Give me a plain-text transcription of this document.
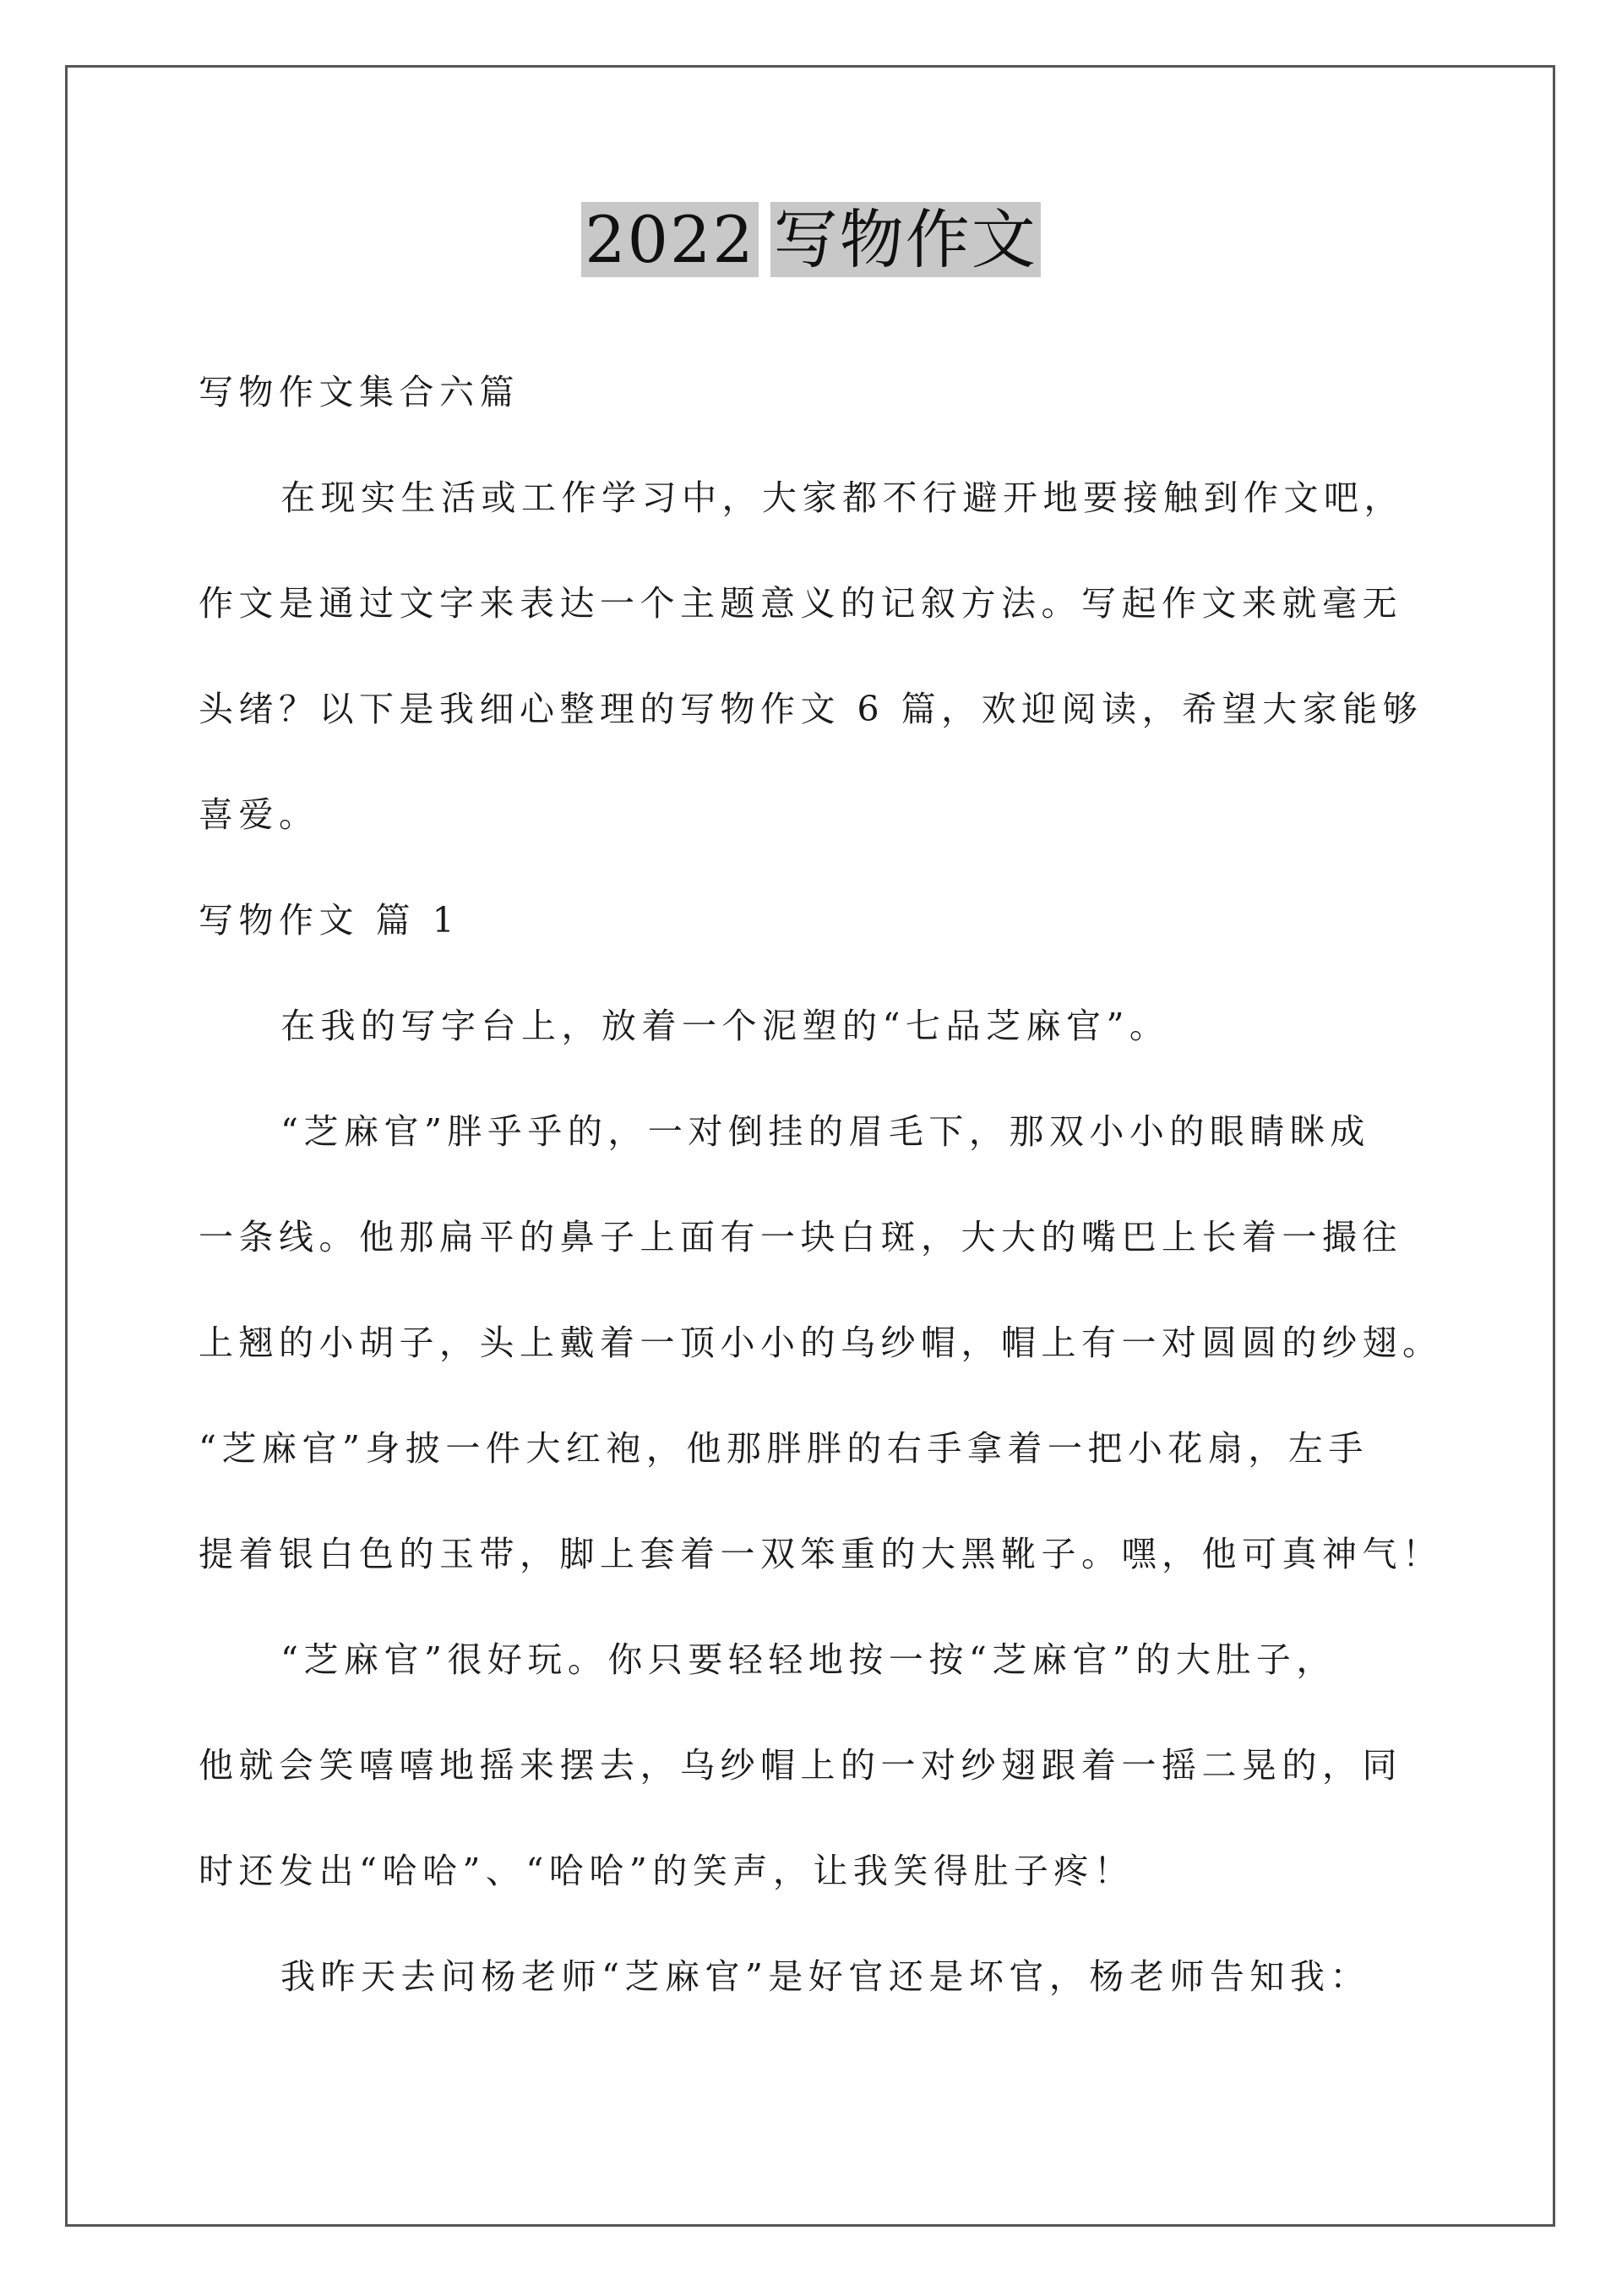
2022 写物作文
写物作文集合六篇
在现实生活或工作学习中，大家都不行避开地要接触到作文吧，
作文是通过文字来表达一个主题意义的记叙方法。写起作文来就毫无
头绪？以下是我细心整理的写物作文 6 篇，欢迎阅读，希望大家能够
喜爱。
写物作文 篇 1
在我的写字台上，放着一个泥塑的“七品芝麻官”。
“芝麻官”胖乎乎的，一对倒挂的眉毛下，那双小小的眼睛眯成
一条线。他那扁平的鼻子上面有一块白斑，大大的嘴巴上长着一撮往
上翘的小胡子，头上戴着一顶小小的乌纱帽，帽上有一对圆圆的纱翅。
“芝麻官”身披一件大红袍，他那胖胖的右手拿着一把小花扇，左手
提着银白色的玉带，脚上套着一双笨重的大黑靴子。嘿，他可真神气！
“芝麻官”很好玩。你只要轻轻地按一按“芝麻官”的大肚子，
他就会笑嘻嘻地摇来摆去，乌纱帽上的一对纱翅跟着一摇二晃的，同
时还发出“哈哈”、“哈哈”的笑声，让我笑得肚子疼！
我昨天去问杨老师“芝麻官”是好官还是坏官，杨老师告知我：
